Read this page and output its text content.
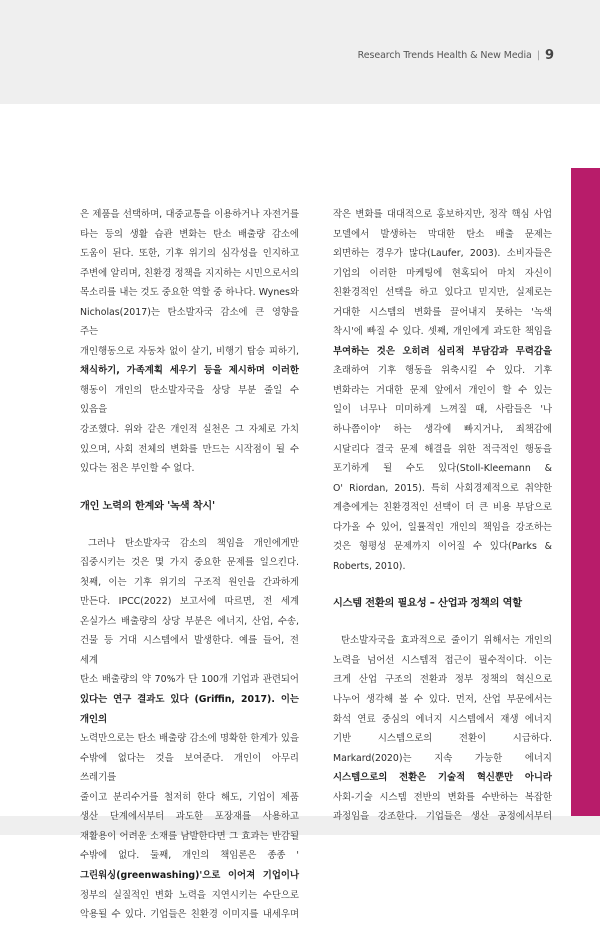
Research Trends Health & New Media | 9

은 제품을 선택하며, 대중교통을 이용하거나 자전거를 타는 등의 생활 습관 변화는 탄소 배출량 감소에

도움이 된다. 또한, 기후 위기의 심각성을 인지하고

주변에 알리며, 친환경 정책을 지지하는 시민으로서의

목소리를 내는 것도 중요한 역할 중 하나다. Wynes와

Nicholas(2017)는 탄소발자국 감소에 큰 영향을 주는

개인행동으로 자동차 없이 살기, 비행기 탑승 피하기,

채식하기, 가족계획 세우기 등을 제시하며 이러한

행동이 개인의 탄소발자국을 상당 부분 줄일 수 있음을

강조했다. 위와 같은 개인적 실천은 그 자체로 가치

있으며, 사회 전체의 변화를 만드는 시작점이 될 수

있다는 점은 부인할 수 없다.

개인 노력의 한계와 '녹색 착시'

그러나 탄소발자국 감소의 책임을 개인에게만

집중시키는 것은 몇 가지 중요한 문제를 일으킨다.

첫째, 이는 기후 위기의 구조적 원인을 간과하게

만든다. IPCC(2022) 보고서에 따르면, 전 세계

온실가스 배출량의 상당 부분은 에너지, 산업, 수송,

건물 등 거대 시스템에서 발생한다. 예를 들어, 전 세계

탄소 배출량의 약 70%가 단 100개 기업과 관련되어

있다는 연구 결과도 있다 (Griffin, 2017). 이는 개인의

노력만으로는 탄소 배출량 감소에 명확한 한계가 있을

수밖에 없다는 것을 보여준다. 개인이 아무리 쓰레기를

줄이고 분리수거를 철저히 한다 해도, 기업이 제품

생산 단계에서부터 과도한 포장재를 사용하고

재활용이 어려운 소재를 남발한다면 그 효과는 반감될

수밖에 없다. 둘째, 개인의 책임론은 종종 '

그린워싱(greenwashing)'으로 이어져 기업이나

정부의 실질적인 변화 노력을 지연시키는 수단으로

악용될 수 있다. 기업들은 친환경 이미지를 내세우며

작은 변화를 대대적으로 홍보하지만, 정작 핵심 사업

모델에서 발생하는 막대한 탄소 배출 문제는

외면하는 경우가 많다(Laufer, 2003). 소비자들은

기업의 이러한 마케팅에 현혹되어 마치 자신이

친환경적인 선택을 하고 있다고 믿지만, 실제로는

거대한 시스템의 변화를 끌어내지 못하는 '녹색

착시'에 빠질 수 있다. 셋째, 개인에게 과도한 책임을

부여하는 것은 오히려 심리적 부담감과 무력감을

초래하여 기후 행동을 위축시킬 수 있다. 기후

변화라는 거대한 문제 앞에서 개인이 할 수 있는

일이 너무나 미미하게 느껴질 때, 사람들은 '나

하나쯤이야' 하는 생각에 빠지거나, 죄책감에

시달리다 결국 문제 해결을 위한 적극적인 행동을

포기하게 될 수도 있다(Stoll-Kleemann &

O' Riordan, 2015). 특히 사회경제적으로 취약한

계층에게는 친환경적인 선택이 더 큰 비용 부담으로

다가올 수 있어, 일률적인 개인의 책임을 강조하는

것은 형평성 문제까지 이어질 수 있다(Parks &

Roberts, 2010).

시스템 전환의 필요성 – 산업과 정책의 역할

탄소발자국을 효과적으로 줄이기 위해서는 개인의

노력을 넘어선 시스템적 접근이 필수적이다. 이는

크게 산업 구조의 전환과 정부 정책의 혁신으로

나누어 생각해 볼 수 있다. 먼저, 산업 부문에서는

화석 연료 중심의 에너지 시스템에서 재생 에너지

기반 시스템으로의 전환이 시급하다.

Markard(2020)는 지속 가능한 에너지

시스템으로의 전환은 기술적 혁신뿐만 아니라

사회-기술 시스템 전반의 변화를 수반하는 복잡한

과정임을 강조한다. 기업들은 생산 공정에서부터
